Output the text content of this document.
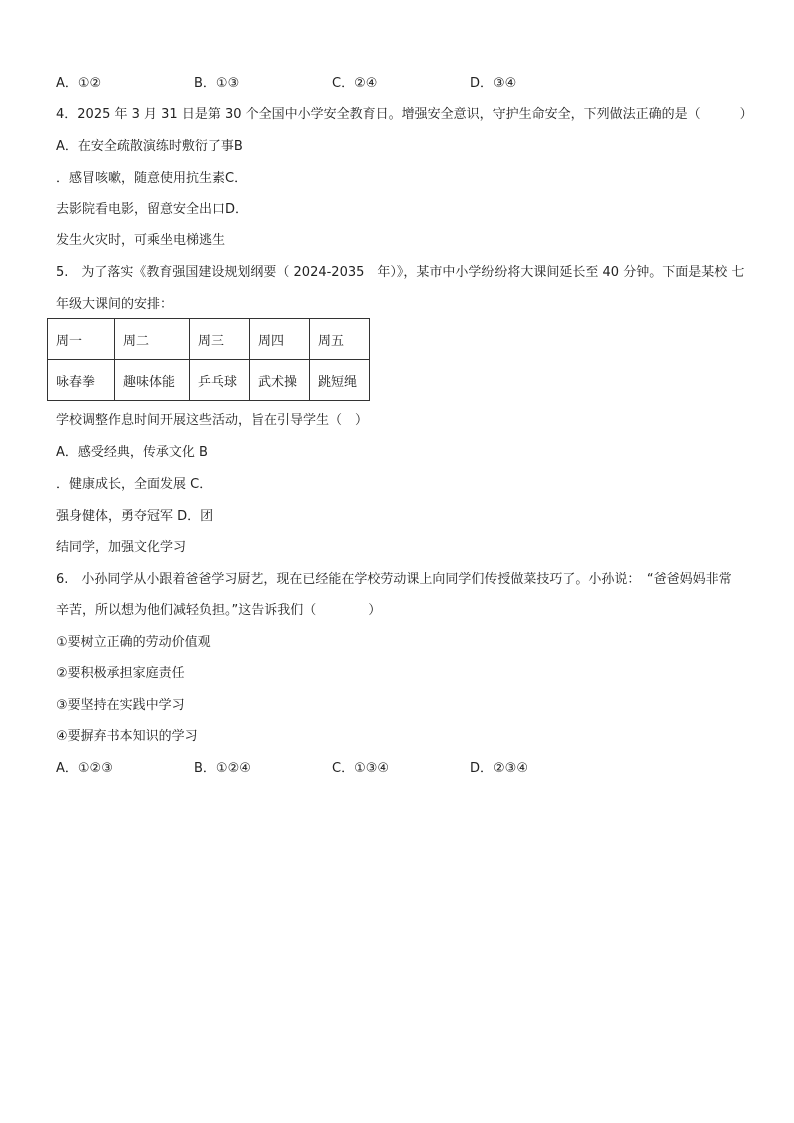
A．①②	B．①③	C．②④	D．③④
4．2025 年 3 月 31 日是第 30 个全国中小学安全教育日。增强安全意识，守护生命安全，下列做法正确的是（　　　）
A．在安全疏散演练时敷衍了事B
．感冒咳嗽，随意使用抗生素C．
去影院看电影，留意安全出口D．
发生火灾时，可乘坐电梯逃生
5.　为了落实《教育强国建设规划纲要（ 2024-2035　年）》，某市中小学纷纷将大课间延长至 40 分钟。下面是某校 七
年级大课间的安排：
周一	周二	周三	周四	周五
咏春拳	趣味体能	乒乓球	武术操	跳短绳
学校调整作息时间开展这些活动，旨在引导学生（　）
A．感受经典，传承文化 B
．健康成长，全面发展 C．
强身健体，勇夺冠军 D．团
结同学，加强文化学习
6.　小孙同学从小跟着爸爸学习厨艺，现在已经能在学校劳动课上向同学们传授做菜技巧了。小孙说：　“爸爸妈妈非常
辛苦，所以想为他们减轻负担。”这告诉我们（　　　　）
①要树立正确的劳动价值观
②要积极承担家庭责任
③要坚持在实践中学习
④要摒弃书本知识的学习
A．①②③	B．①②④	C．①③④	D．②③④
